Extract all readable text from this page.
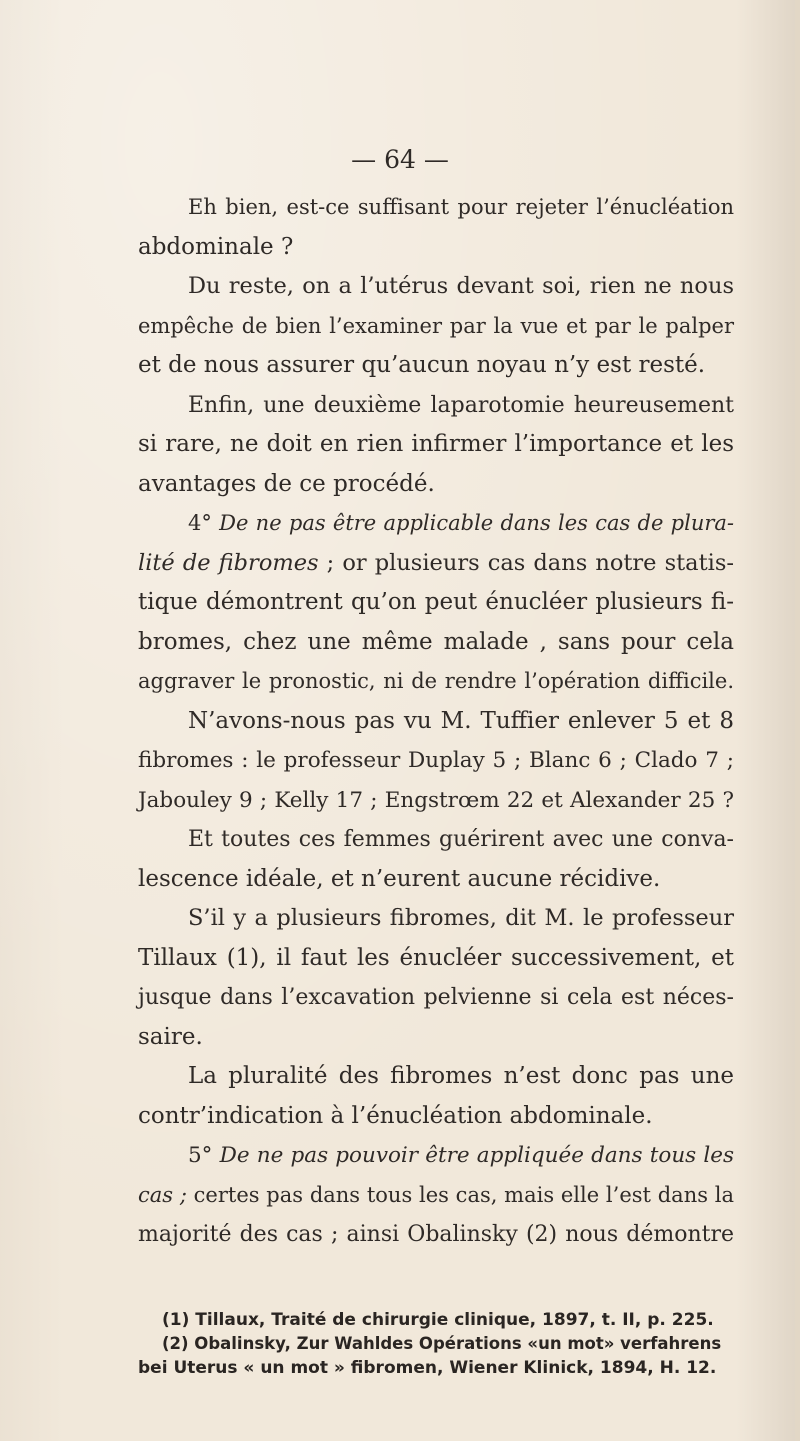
— 64 —
Eh bien, est-ce suffisant pour rejeter l’énucléation
abdominale ?
Du reste, on a l’utérus devant soi, rien ne nous
empêche de bien l’examiner par la vue et par le palper
et de nous assurer qu’aucun noyau n’y est resté.
Enfin, une deuxième laparotomie heureusement
si rare, ne doit en rien infirmer l’importance et les
avantages de ce procédé.
4° De ne pas être applicable dans les cas de plura-
lité de fibromes ; or plusieurs cas dans notre statis-
tique démontrent qu’on peut énucléer plusieurs fi-
bromes, chez une même malade , sans pour cela
aggraver le pronostic, ni de rendre l’opération difficile.
N’avons-nous pas vu M. Tuffier enlever 5 et 8
fibromes : le professeur Duplay 5 ; Blanc 6 ; Clado 7 ;
Jabouley 9 ; Kelly 17 ; Engstrœm 22 et Alexander 25 ?
Et toutes ces femmes guérirent avec une conva-
lescence idéale, et n’eurent aucune récidive.
S’il y a plusieurs fibromes, dit M. le professeur
Tillaux (1), il faut les énucléer successivement, et
jusque dans l’excavation pelvienne si cela est néces-
saire.
La pluralité des fibromes n’est donc pas une
contr’indication à l’énucléation abdominale.
5° De ne pas pouvoir être appliquée dans tous les
cas ; certes pas dans tous les cas, mais elle l’est dans la
majorité des cas ; ainsi Obalinsky (2) nous démontre
(1) Tillaux, Traité de chirurgie clinique, 1897, t. II, p. 225.
(2) Obalinsky, Zur Wahldes Opérations «un mot» verfahrens
bei Uterus « un mot » fibromen, Wiener Klinick, 1894, H. 12.
